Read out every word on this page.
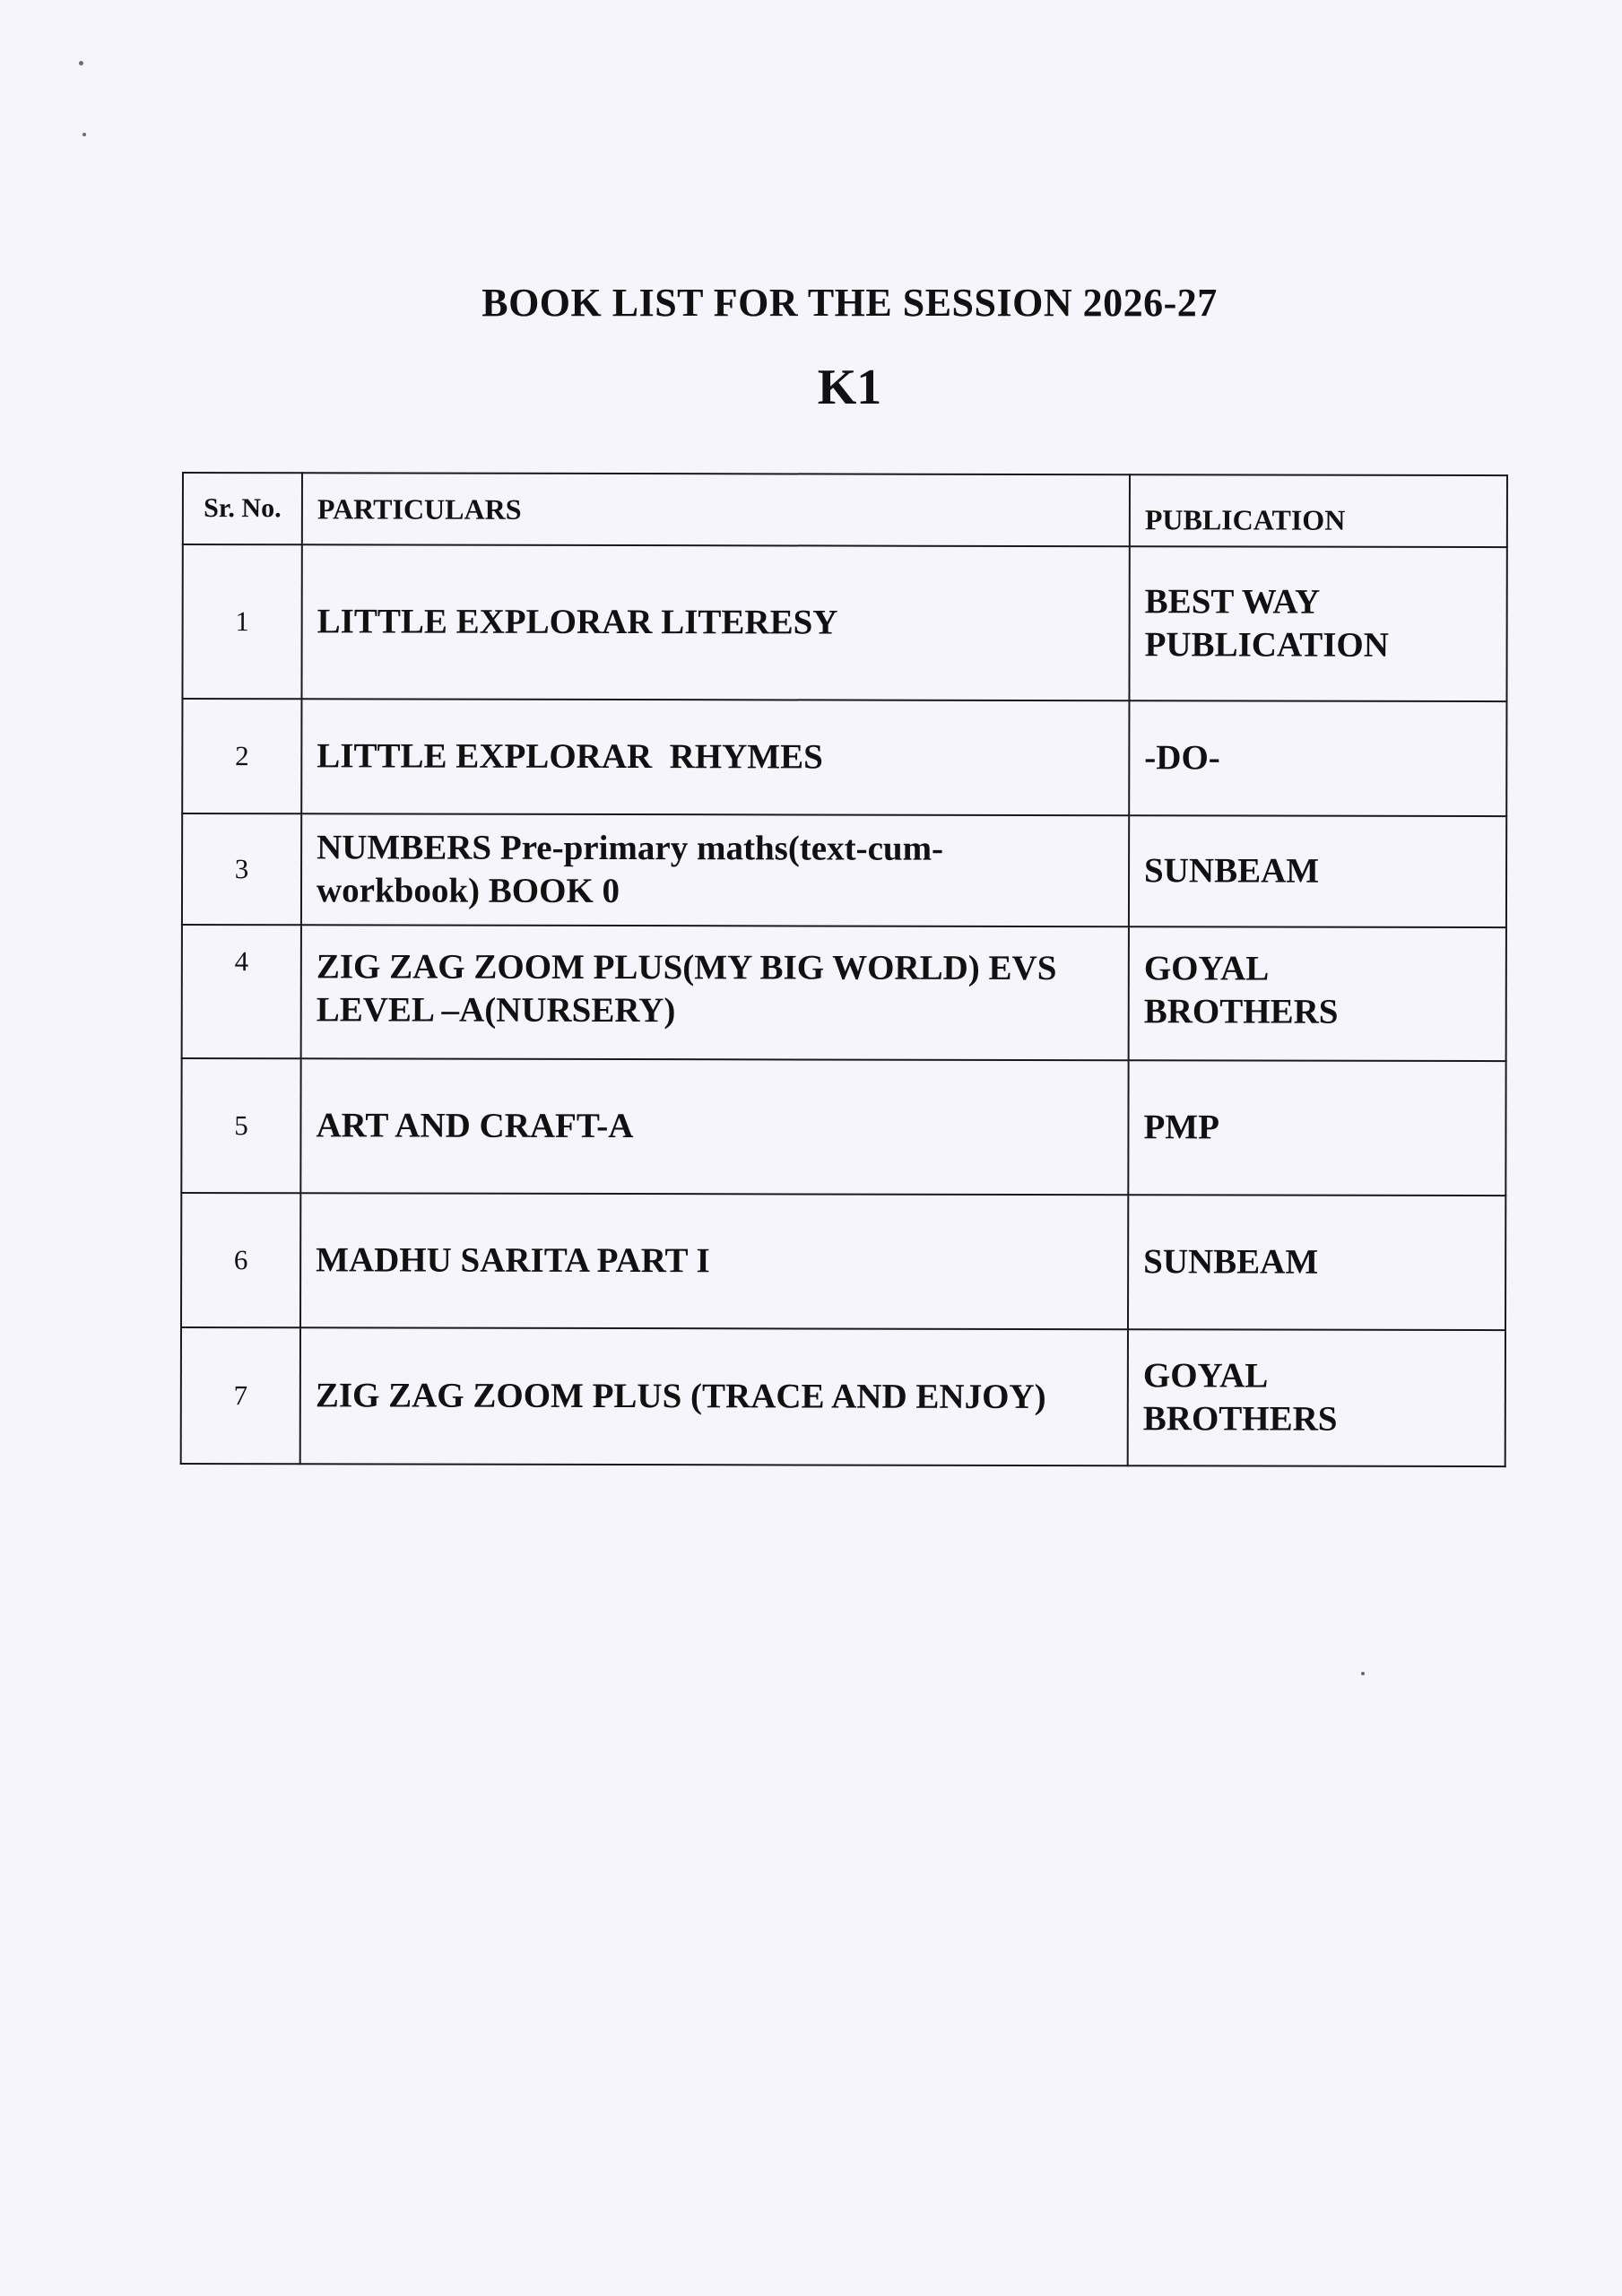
BOOK LIST FOR THE SESSION 2026-27
K1
Sr. No.	PARTICULARS	PUBLICATION
1	LITTLE EXPLORAR LITERESY	BEST WAY PUBLICATION
2	LITTLE EXPLORAR  RHYMES	-DO-
3	NUMBERS Pre-primary maths(text-cum-workbook) BOOK 0	SUNBEAM
4	ZIG ZAG ZOOM PLUS(MY BIG WORLD) EVS LEVEL –A(NURSERY)	GOYAL BROTHERS
5	ART AND CRAFT-A	PMP
6	MADHU SARITA PART I	SUNBEAM
7	ZIG ZAG ZOOM PLUS (TRACE AND ENJOY)	GOYAL BROTHERS
